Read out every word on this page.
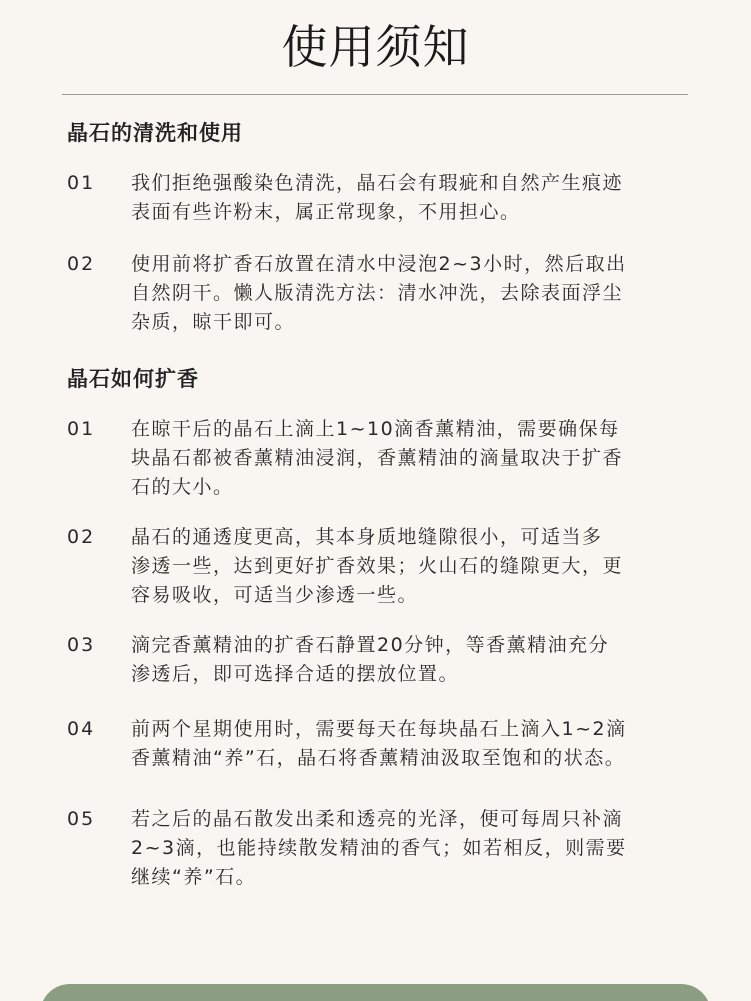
使用须知
晶石的清洗和使用
01 我们拒绝强酸染色清洗，晶石会有瑕疵和自然产生痕迹
表面有些许粉末，属正常现象，不用担心。
02 使用前将扩香石放置在清水中浸泡2~3小时，然后取出
自然阴干。懒人版清洗方法：清水冲洗，去除表面浮尘
杂质，晾干即可。
晶石如何扩香
01 在晾干后的晶石上滴上1~10滴香薰精油，需要确保每
块晶石都被香薰精油浸润，香薰精油的滴量取决于扩香
石的大小。
02 晶石的通透度更高，其本身质地缝隙很小，可适当多
渗透一些，达到更好扩香效果；火山石的缝隙更大，更
容易吸收，可适当少渗透一些。
03 滴完香薰精油的扩香石静置20分钟，等香薰精油充分
渗透后，即可选择合适的摆放位置。
04 前两个星期使用时，需要每天在每块晶石上滴入1~2滴
香薰精油“养”石，晶石将香薰精油汲取至饱和的状态。
05 若之后的晶石散发出柔和透亮的光泽，便可每周只补滴
2~3滴，也能持续散发精油的香气；如若相反，则需要
继续“养”石。
